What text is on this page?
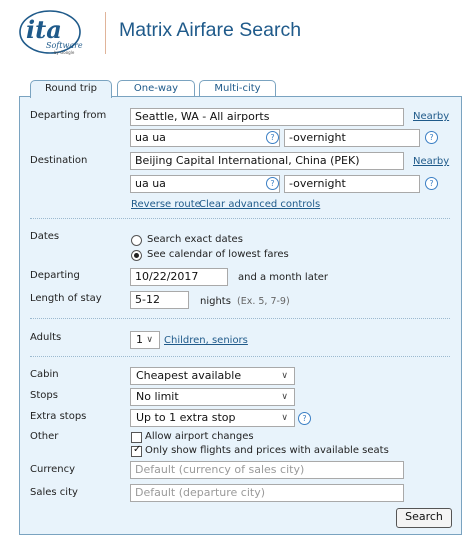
ita
Software
by Google
Matrix Airfare Search
Round trip	One-way	Multi-city
Departing from	Seattle, WA - All airports	Nearby
ua ua	?	-overnight	?
Destination	Beijing Capital International, China (PEK)	Nearby
ua ua	?	-overnight	?
Reverse route
Clear advanced controls
Dates	Search exact dates
See calendar of lowest fares
Departing	10/22/2017	and a month later
Length of stay	5-12	nights (Ex. 5, 7-9)
Adults	1 ∨ Children, seniors
Cabin	Cheapest available	∨
Stops	No limit	∨
Extra stops	Up to 1 extra stop	∨	?
Other	Allow airport changes
✓ Only show flights and prices with available seats
Currency	Default (currency of sales city)
Sales city	Default (departure city)
Search
